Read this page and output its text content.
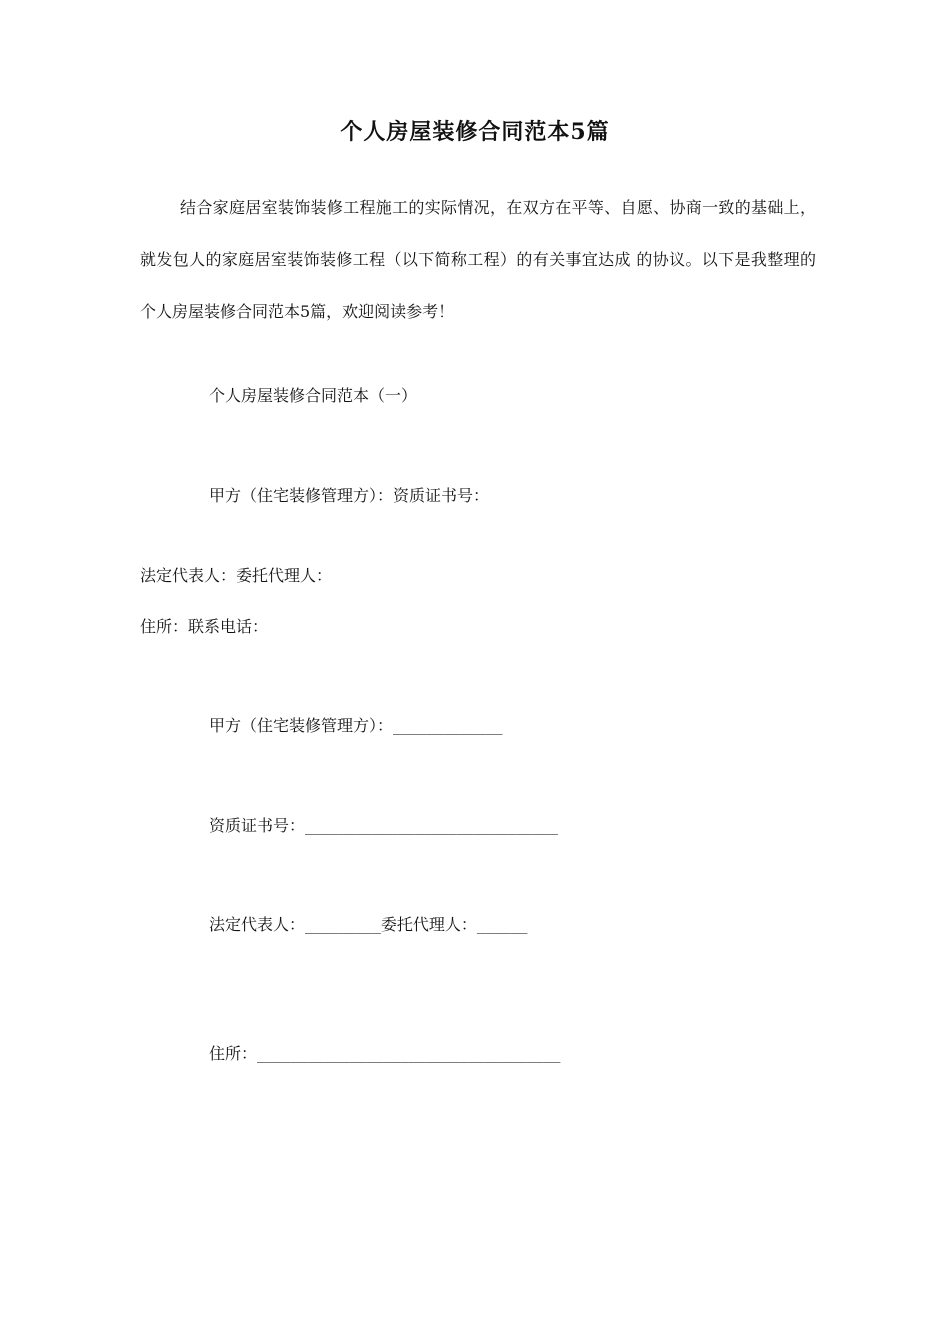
个人房屋装修合同范本5篇

结合家庭居室装饰装修工程施工的实际情况，在双方在平等、自愿、协商一致的基础上，就发包人的家庭居室装饰装修工程（以下简称工程）的有关事宜达成 的协议。以下是我整理的个人房屋装修合同范本5篇，欢迎阅读参考！

个人房屋装修合同范本（一）

甲方（住宅装修管理方）：资质证书号：

法定代表人：委托代理人：

住所：联系电话：

甲方（住宅装修管理方）：_____________

资质证书号：______________________________

法定代表人：_________委托代理人：______

住所：____________________________________
